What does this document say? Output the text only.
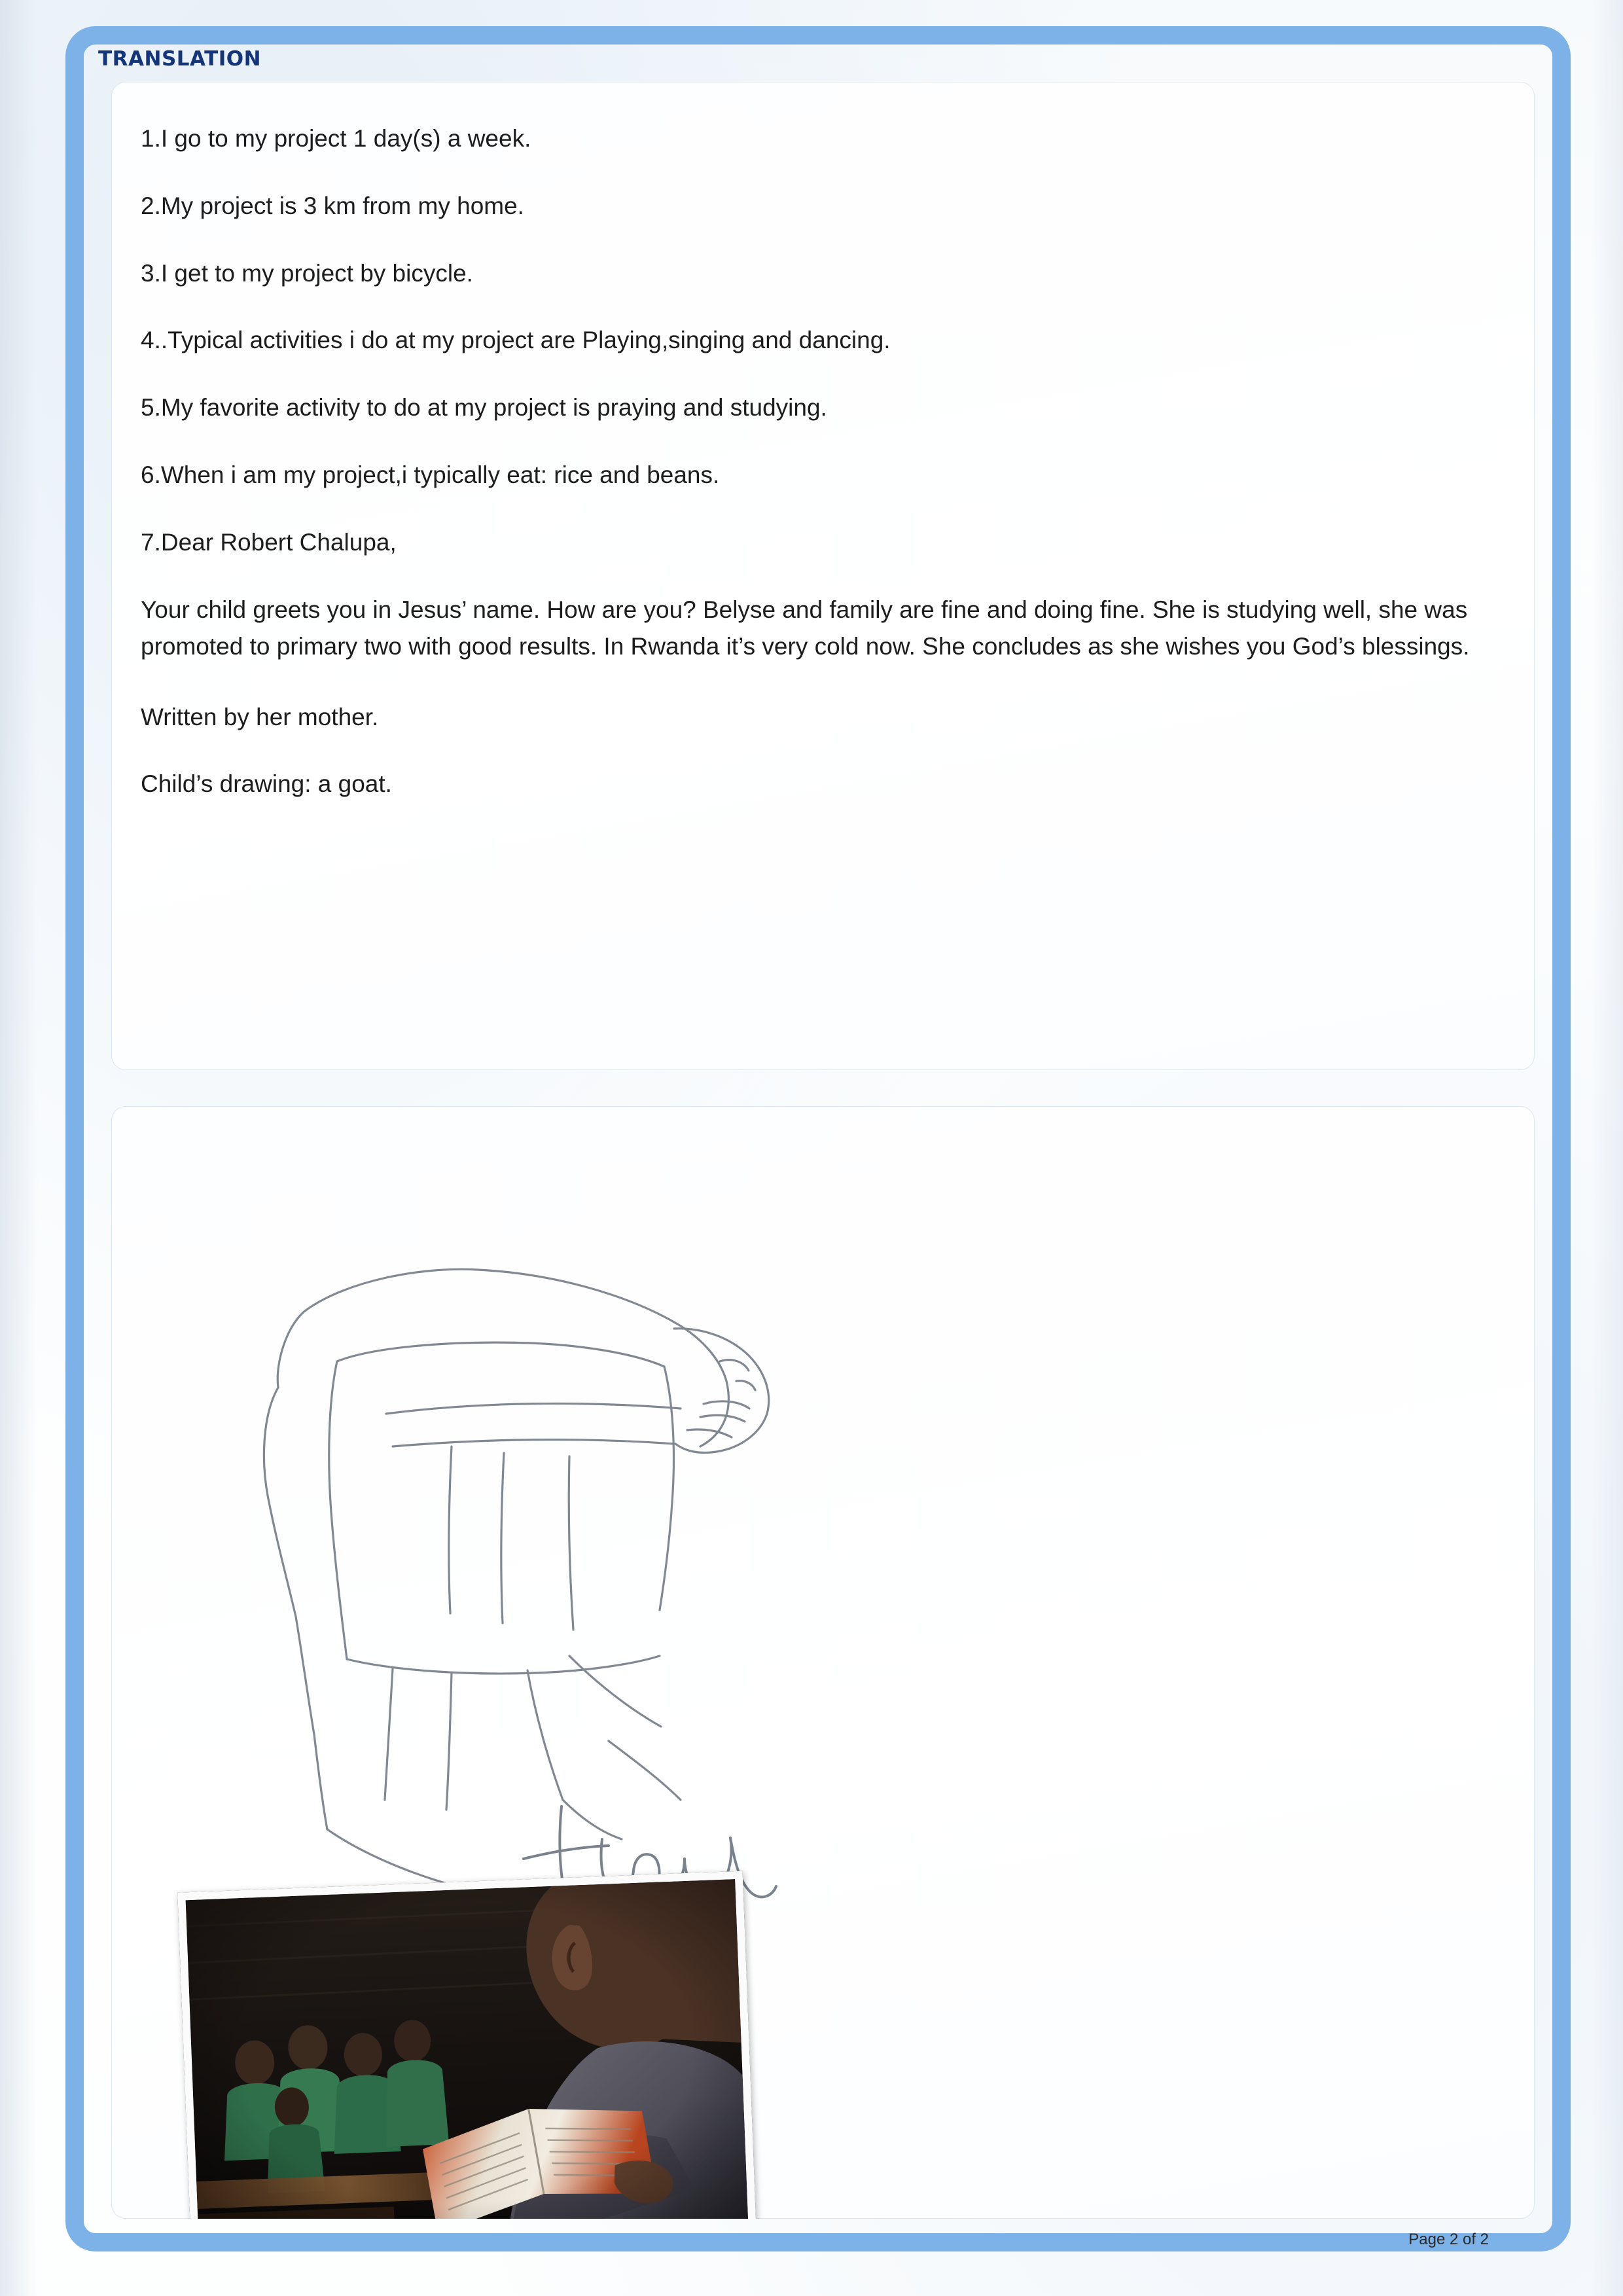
TRANSLATION

1.I go to my project 1 day(s) a week.

2.My project is 3 km from my home.

3.I get to my project by bicycle.

4..Typical activities i do at my project are Playing,singing and dancing.

5.My favorite activity to do at my project is praying and studying.

6.When i am my project,i typically eat: rice and beans.

7.Dear Robert Chalupa,

Your child greets you in Jesus’ name. How are you? Belyse and family are fine and doing fine. She is studying well, she was promoted to primary two with good results. In Rwanda it’s very cold now. She concludes as she wishes you God’s blessings.

Written by her mother.

Child’s drawing: a goat.

Page 2 of 2
